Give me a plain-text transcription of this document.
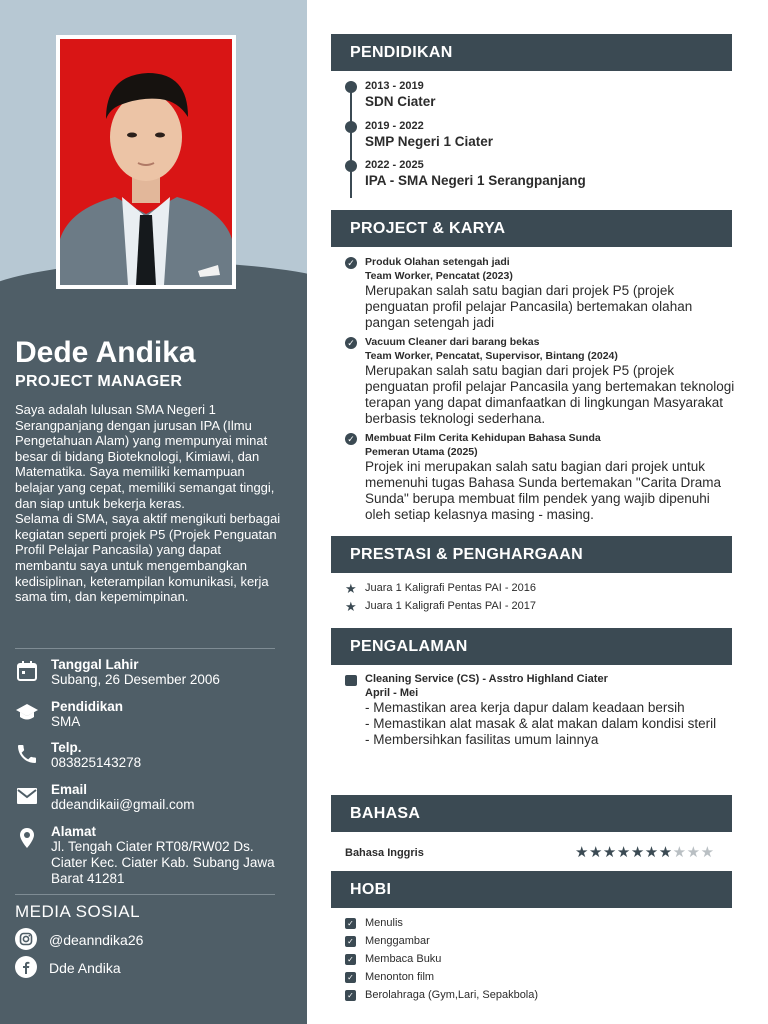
Dede Andika
PROJECT MANAGER

Saya adalah lulusan SMA Negeri 1 Serangpanjang dengan jurusan IPA (Ilmu Pengetahuan Alam) yang mempunyai minat besar di bidang Bioteknologi, Kimiawi, dan Matematika. Saya memiliki kemampuan belajar yang cepat, memiliki semangat tinggi, dan siap untuk bekerja keras.

Selama di SMA, saya aktif mengikuti berbagai kegiatan seperti projek P5 (Projek Penguatan Profil Pelajar Pancasila) yang dapat membantu saya untuk mengembangkan kedisiplinan, keterampilan komunikasi, kerja sama tim, dan kepemimpinan.

Tanggal Lahir
Subang, 26 Desember 2006
Pendidikan
SMA
Telp.
083825143278
Email
ddeandikaii@gmail.com
Alamat
Jl. Tengah Ciater RT08/RW02 Ds. Ciater Kec. Ciater Kab. Subang Jawa Barat 41281
MEDIA SOSIAL
@deanndika26
Dde Andika
PENDIDIKAN
2013 - 2019
SDN Ciater
2019 - 2022
SMP Negeri 1 Ciater
2022 - 2025
IPA - SMA Negeri 1 Serangpanjang
PROJECT & KARYA
✓ Produk Olahan setengah jadi
Team Worker, Pencatat (2023)
Merupakan salah satu bagian dari projek P5 (projek penguatan profil pelajar Pancasila) bertemakan olahan pangan setengah jadi
✓ Vacuum Cleaner dari barang bekas
Team Worker, Pencatat, Supervisor, Bintang (2024)
Merupakan salah satu bagian dari projek P5 (projek penguatan profil pelajar Pancasila yang bertemakan teknologi terapan yang dapat dimanfaatkan di lingkungan Masyarakat berbasis teknologi sederhana.
✓ Membuat Film Cerita Kehidupan Bahasa Sunda
Pemeran Utama (2025)
Projek ini merupakan salah satu bagian dari projek untuk memenuhi tugas Bahasa Sunda bertemakan "Carita Drama Sunda" berupa membuat film pendek yang wajib dipenuhi oleh setiap kelasnya masing - masing.
PRESTASI & PENGHARGAAN
★ Juara 1 Kaligrafi Pentas PAI - 2016
★ Juara 1 Kaligrafi Pentas PAI - 2017
PENGALAMAN
Cleaning Service (CS) - Asstro Highland Ciater
April - Mei
- Memastikan area kerja dapur dalam keadaan bersih
- Memastikan alat masak & alat makan dalam kondisi steril
- Membersihkan fasilitas umum lainnya
BAHASA
Bahasa Inggris	★★★★★★★★★★
HOBI
✓ Menulis
✓ Menggambar
✓ Membaca Buku
✓ Menonton film
✓ Berolahraga (Gym,Lari, Sepakbola)
